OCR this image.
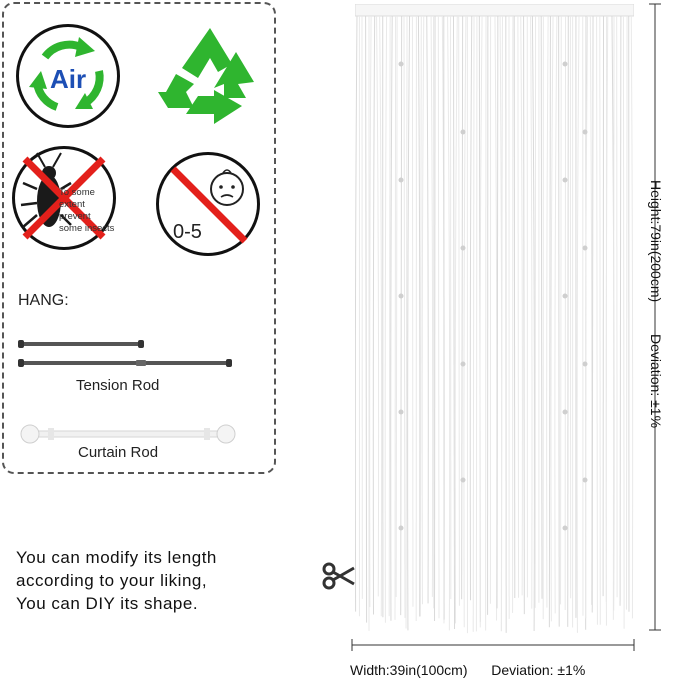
Air
To some
extent prevent
some insects	0-5
HANG:
Tension Rod
Curtain Rod
You can modify its length
according to your liking,
You can DIY its shape.
Height:79in(200cm)  Deviation: ±1%
Width:39in(100cm) Deviation: ±1%
